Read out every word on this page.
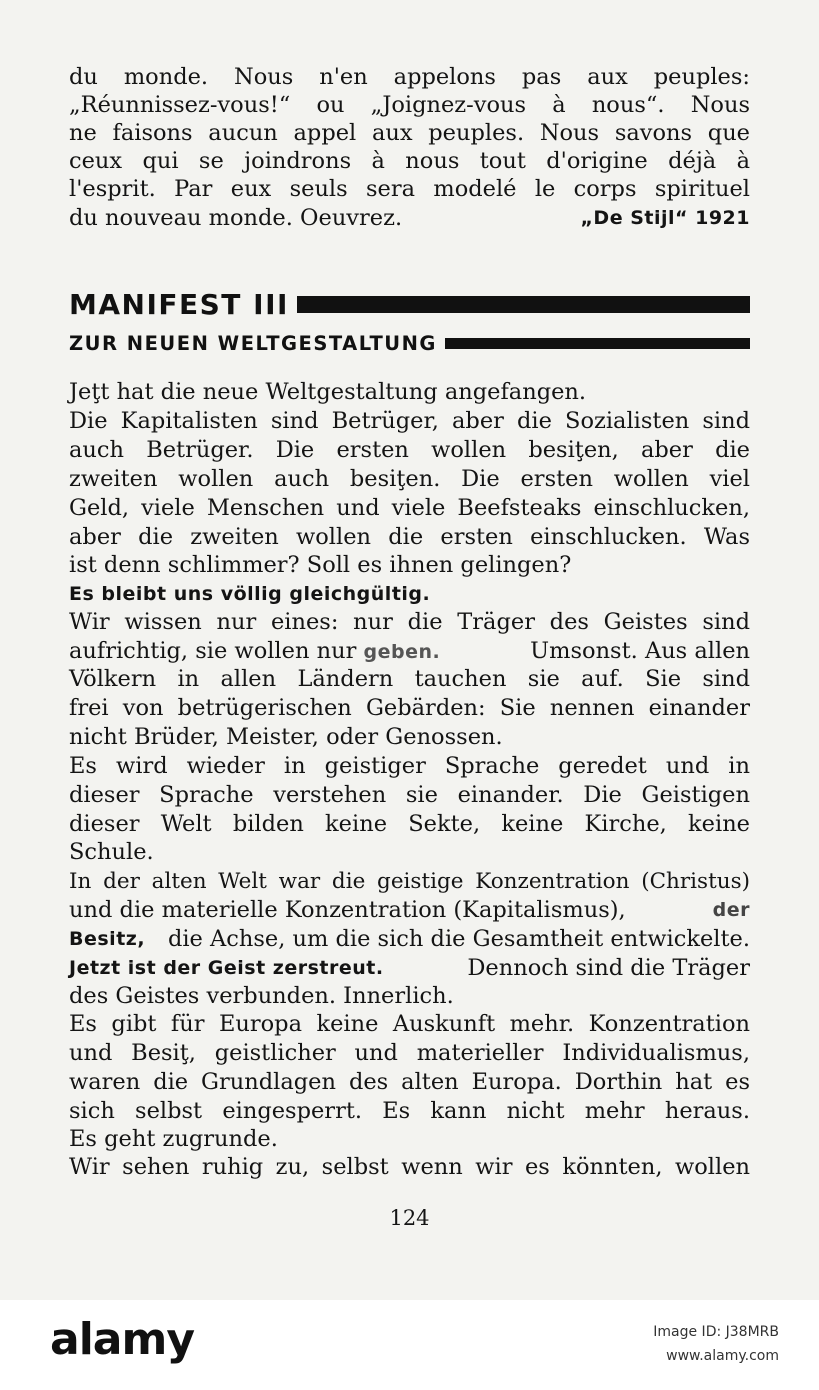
du monde. Nous n'en appelons pas aux peuples:
„Réunnissez-vous!“ ou „Joignez-vous à nous“. Nous
ne faisons aucun appel aux peuples. Nous savons que
ceux qui se joindrons à nous tout d'origine déjà à
l'esprit. Par eux seuls sera modelé le corps spirituel
du nouveau monde. Oeuvrez.	„De Stijl“ 1921
MANIFEST III
ZUR NEUEN WELTGESTALTUNG
Jeţt hat die neue Weltgestaltung angefangen.
Die Kapitalisten sind Betrüger, aber die Sozialisten sind
auch Betrüger. Die ersten wollen besiţen, aber die
zweiten wollen auch besiţen. Die ersten wollen viel
Geld, viele Menschen und viele Beefsteaks einschlucken,
aber die zweiten wollen die ersten einschlucken. Was
ist denn schlimmer? Soll es ihnen gelingen?
Es bleibt uns völlig gleichgültig.
Wir wissen nur eines: nur die Träger des Geistes sind
aufrichtig, sie wollen nur geben.	Umsonst. Aus allen
Völkern in allen Ländern tauchen sie auf. Sie sind
frei von betrügerischen Gebärden: Sie nennen einander
nicht Brüder, Meister, oder Genossen.
Es wird wieder in geistiger Sprache geredet und in
dieser Sprache verstehen sie einander. Die Geistigen
dieser Welt bilden keine Sekte, keine Kirche, keine
Schule.
In der alten Welt war die geistige Konzentration (Christus)
und die materielle Konzentration (Kapitalismus),	der
Besitz, die Achse, um die sich die Gesamtheit entwickelte.
Jetzt ist der Geist zerstreut.	Dennoch sind die Träger
des Geistes verbunden. Innerlich.
Es gibt für Europa keine Auskunft mehr. Konzentration
und Besiţ, geistlicher und materieller Individualismus,
waren die Grundlagen des alten Europa. Dorthin hat es
sich selbst eingesperrt. Es kann nicht mehr heraus.
Es geht zugrunde.
Wir sehen ruhig zu, selbst wenn wir es könnten, wollen
124
alamy	Image ID: J38MRB
www.alamy.com
